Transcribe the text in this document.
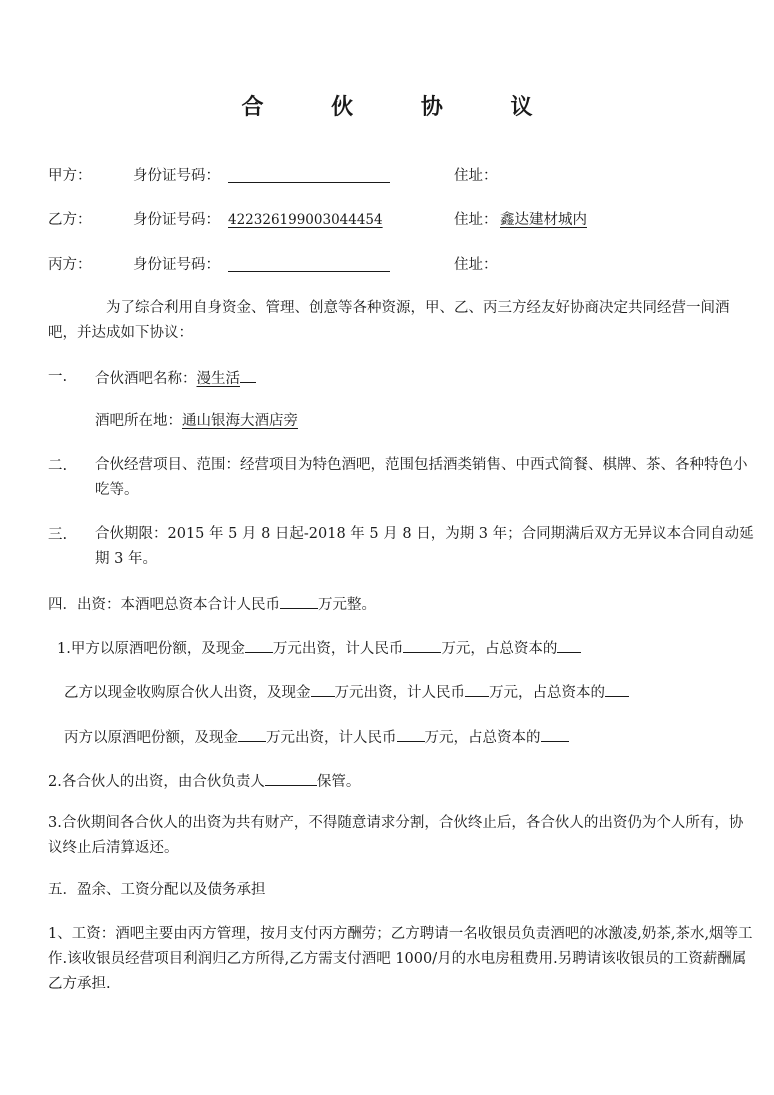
合 伙 协 议
甲方：	身份证号码：	住址：
乙方：	身份证号码： 422326199003044454	住址： 鑫达建材城内
丙方：	身份证号码：	住址：
为了综合利用自身资金、管理、创意等各种资源，甲、乙、丙三方经友好协商决定共同经营一间酒吧，并达成如下协议：
一. 合伙酒吧名称：漫生活
酒吧所在地：通山银海大酒店旁
二. 合伙经营项目、范围：经营项目为特色酒吧，范围包括酒类销售、中西式简餐、棋牌、茶、各种特色小吃等。
三. 合伙期限：2015 年 5 月 8 日起-2018 年 5 月 8 日，为期 3 年；合同期满后双方无异议本合同自动延期 3 年。
四．出资：本酒吧总资本合计人民币	万元整。
1.甲方以原酒吧份额，及现金 万元出资，计人民币	万元，占总资本的
乙方以现金收购原合伙人出资，及现金 万元出资，计人民币 万元，占总资本的
丙方以原酒吧份额，及现金 万元出资，计人民币 万元，占总资本的
2.各合伙人的出资，由合伙负责人	保管。
3.合伙期间各合伙人的出资为共有财产，不得随意请求分割，合伙终止后，各合伙人的出资仍为个人所有，协议终止后清算返还。
五．盈余、工资分配以及债务承担
1、工资：酒吧主要由丙方管理，按月支付丙方酬劳；乙方聘请一名收银员负责酒吧的冰激凌,奶茶,茶水,烟等工作.该收银员经营项目利润归乙方所得,乙方需支付酒吧 1000/月的水电房租费用.另聘请该收银员的工资薪酬属乙方承担.
